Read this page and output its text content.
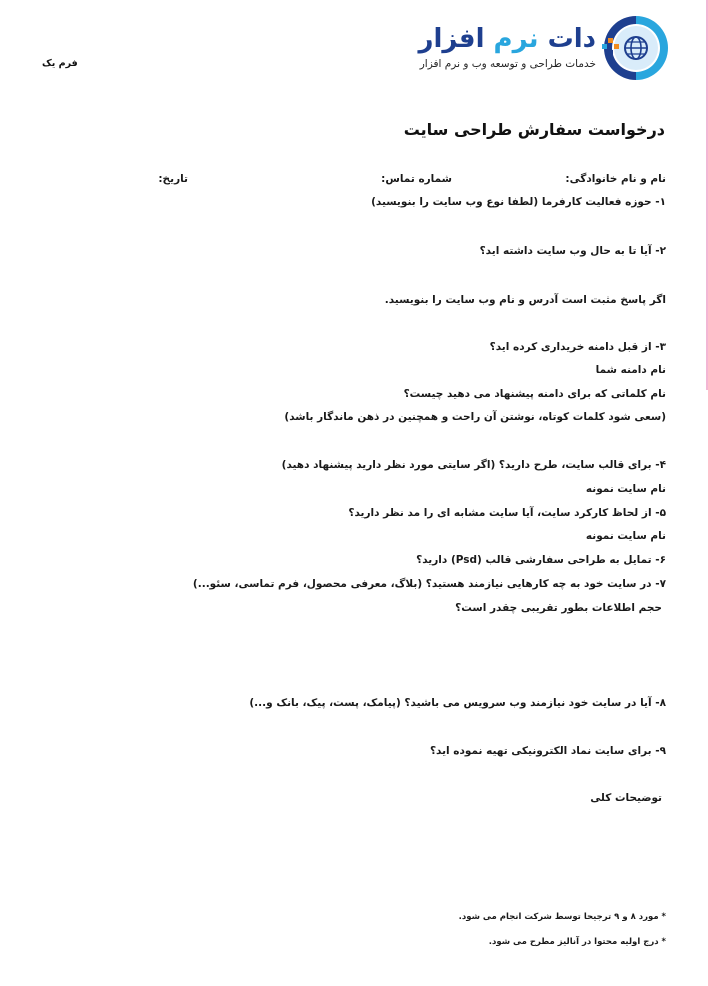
دات نرم افزار
خدمات طراحی و توسعه وب و نرم افزار
فرم یک
درخواست سفارش طراحی سایت
نام و نام خانوادگی:
شماره تماس:
تاریخ:
۱- حوزه فعالیت کارفرما (لطفا نوع وب سایت را بنویسید)
۲- آیا تا به حال وب سایت داشته اید؟
اگر پاسخ مثبت است آدرس و نام وب سایت را بنویسید.
۳- از قبل دامنه خریداری کرده اید؟
نام دامنه شما
نام کلماتی که برای دامنه پیشنهاد می دهید چیست؟
(سعی شود کلمات کوتاه، نوشتن آن راحت و همچنین در ذهن ماندگار باشد)
۴- برای قالب سایت، طرح دارید؟ (اگر سایتی مورد نظر دارید پیشنهاد دهید)
نام سایت نمونه
۵- از لحاظ کارکرد سایت، آیا سایت مشابه ای را مد نظر دارید؟
نام سایت نمونه
۶- تمایل به طراحی سفارشی قالب (Psd) دارید؟
۷- در سایت خود به چه کارهایی نیازمند هستید؟ (بلاگ، معرفی محصول، فرم تماسی، سئو...)
حجم اطلاعات بطور تقریبی چقدر است؟
۸- آیا در سایت خود نیازمند وب سرویس می باشید؟ (پیامک، پست، پیک، بانک و...)
۹- برای سایت نماد الکترونیکی تهیه نموده اید؟
توضیحات کلی
* مورد ۸ و ۹ ترجیحا توسط شرکت انجام می شود.
* درج اولیه محتوا در آنالیز مطرح می شود.
